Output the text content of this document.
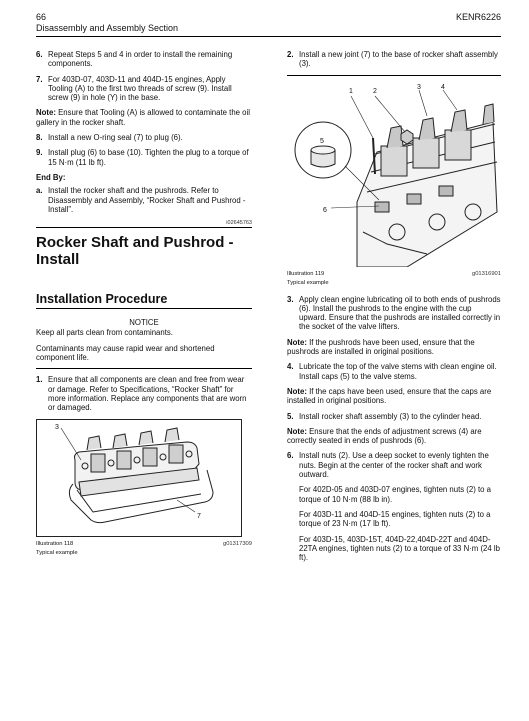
66	KENR6226
Disassembly and Assembly Section
6. Repeat Steps 5 and 4 in order to install the remaining components.
7. For 403D-07, 403D-11 and 404D-15 engines, Apply Tooling (A) to the first two threads of screw (9). Install screw (9) in hole (Y) in the base.

Note: Ensure that Tooling (A) is allowed to contaminate the oil gallery in the rocker shaft.

8. Install a new O-ring seal (7) to plug (6).
9. Install plug (6) to base (10). Tighten the plug to a torque of 15 N·m (11 lb ft).

End By:

a. Install the rocker shaft and the pushrods. Refer to Disassembly and Assembly, “Rocker Shaft and Pushrod - Install”.

i02645763

Rocker Shaft and Pushrod - Install
Installation Procedure

NOTICE

Keep all parts clean from contaminants.

Contaminants may cause rapid wear and shortened component life.

1. Ensure that all components are clean and free from wear or damage. Refer to Specifications, “Rocker Shaft” for more information. Replace any components that are worn or damaged.
3
7
Illustration 118	g01317309
Typical example
2. Install a new joint (7) to the base of rocker shaft assembly (3).
1	2
3	4
5
6
Illustration 119	g01316901
Typical example
3. Apply clean engine lubricating oil to both ends of pushrods (6). Install the pushrods to the engine with the cup upward. Ensure that the pushrods are installed correctly in the socket of the valve lifters.

Note: If the pushrods have been used, ensure that the pushrods are installed in original positions.

4. Lubricate the top of the valve stems with clean engine oil. Install caps (5) to the valve stems.

Note: If the caps have been used, ensure that the caps are installed in original positions.

5. Install rocker shaft assembly (3) to the cylinder head.

Note: Ensure that the ends of adjustment screws (4) are correctly seated in ends of pushrods (6).

6. Install nuts (2). Use a deep socket to evenly tighten the nuts. Begin at the center of the rocker shaft and work outward.

For 402D-05 and 403D-07 engines, tighten nuts (2) to a torque of 10 N·m (88 lb in).

For 403D-11 and 404D-15 engines, tighten nuts (2) to a torque of 23 N·m (17 lb ft).

For 403D-15, 403D-15T, 404D-22,404D-22T and 404D-22TA engines, tighten nuts (2) to a torque of 33 N·m (24 lb ft).
